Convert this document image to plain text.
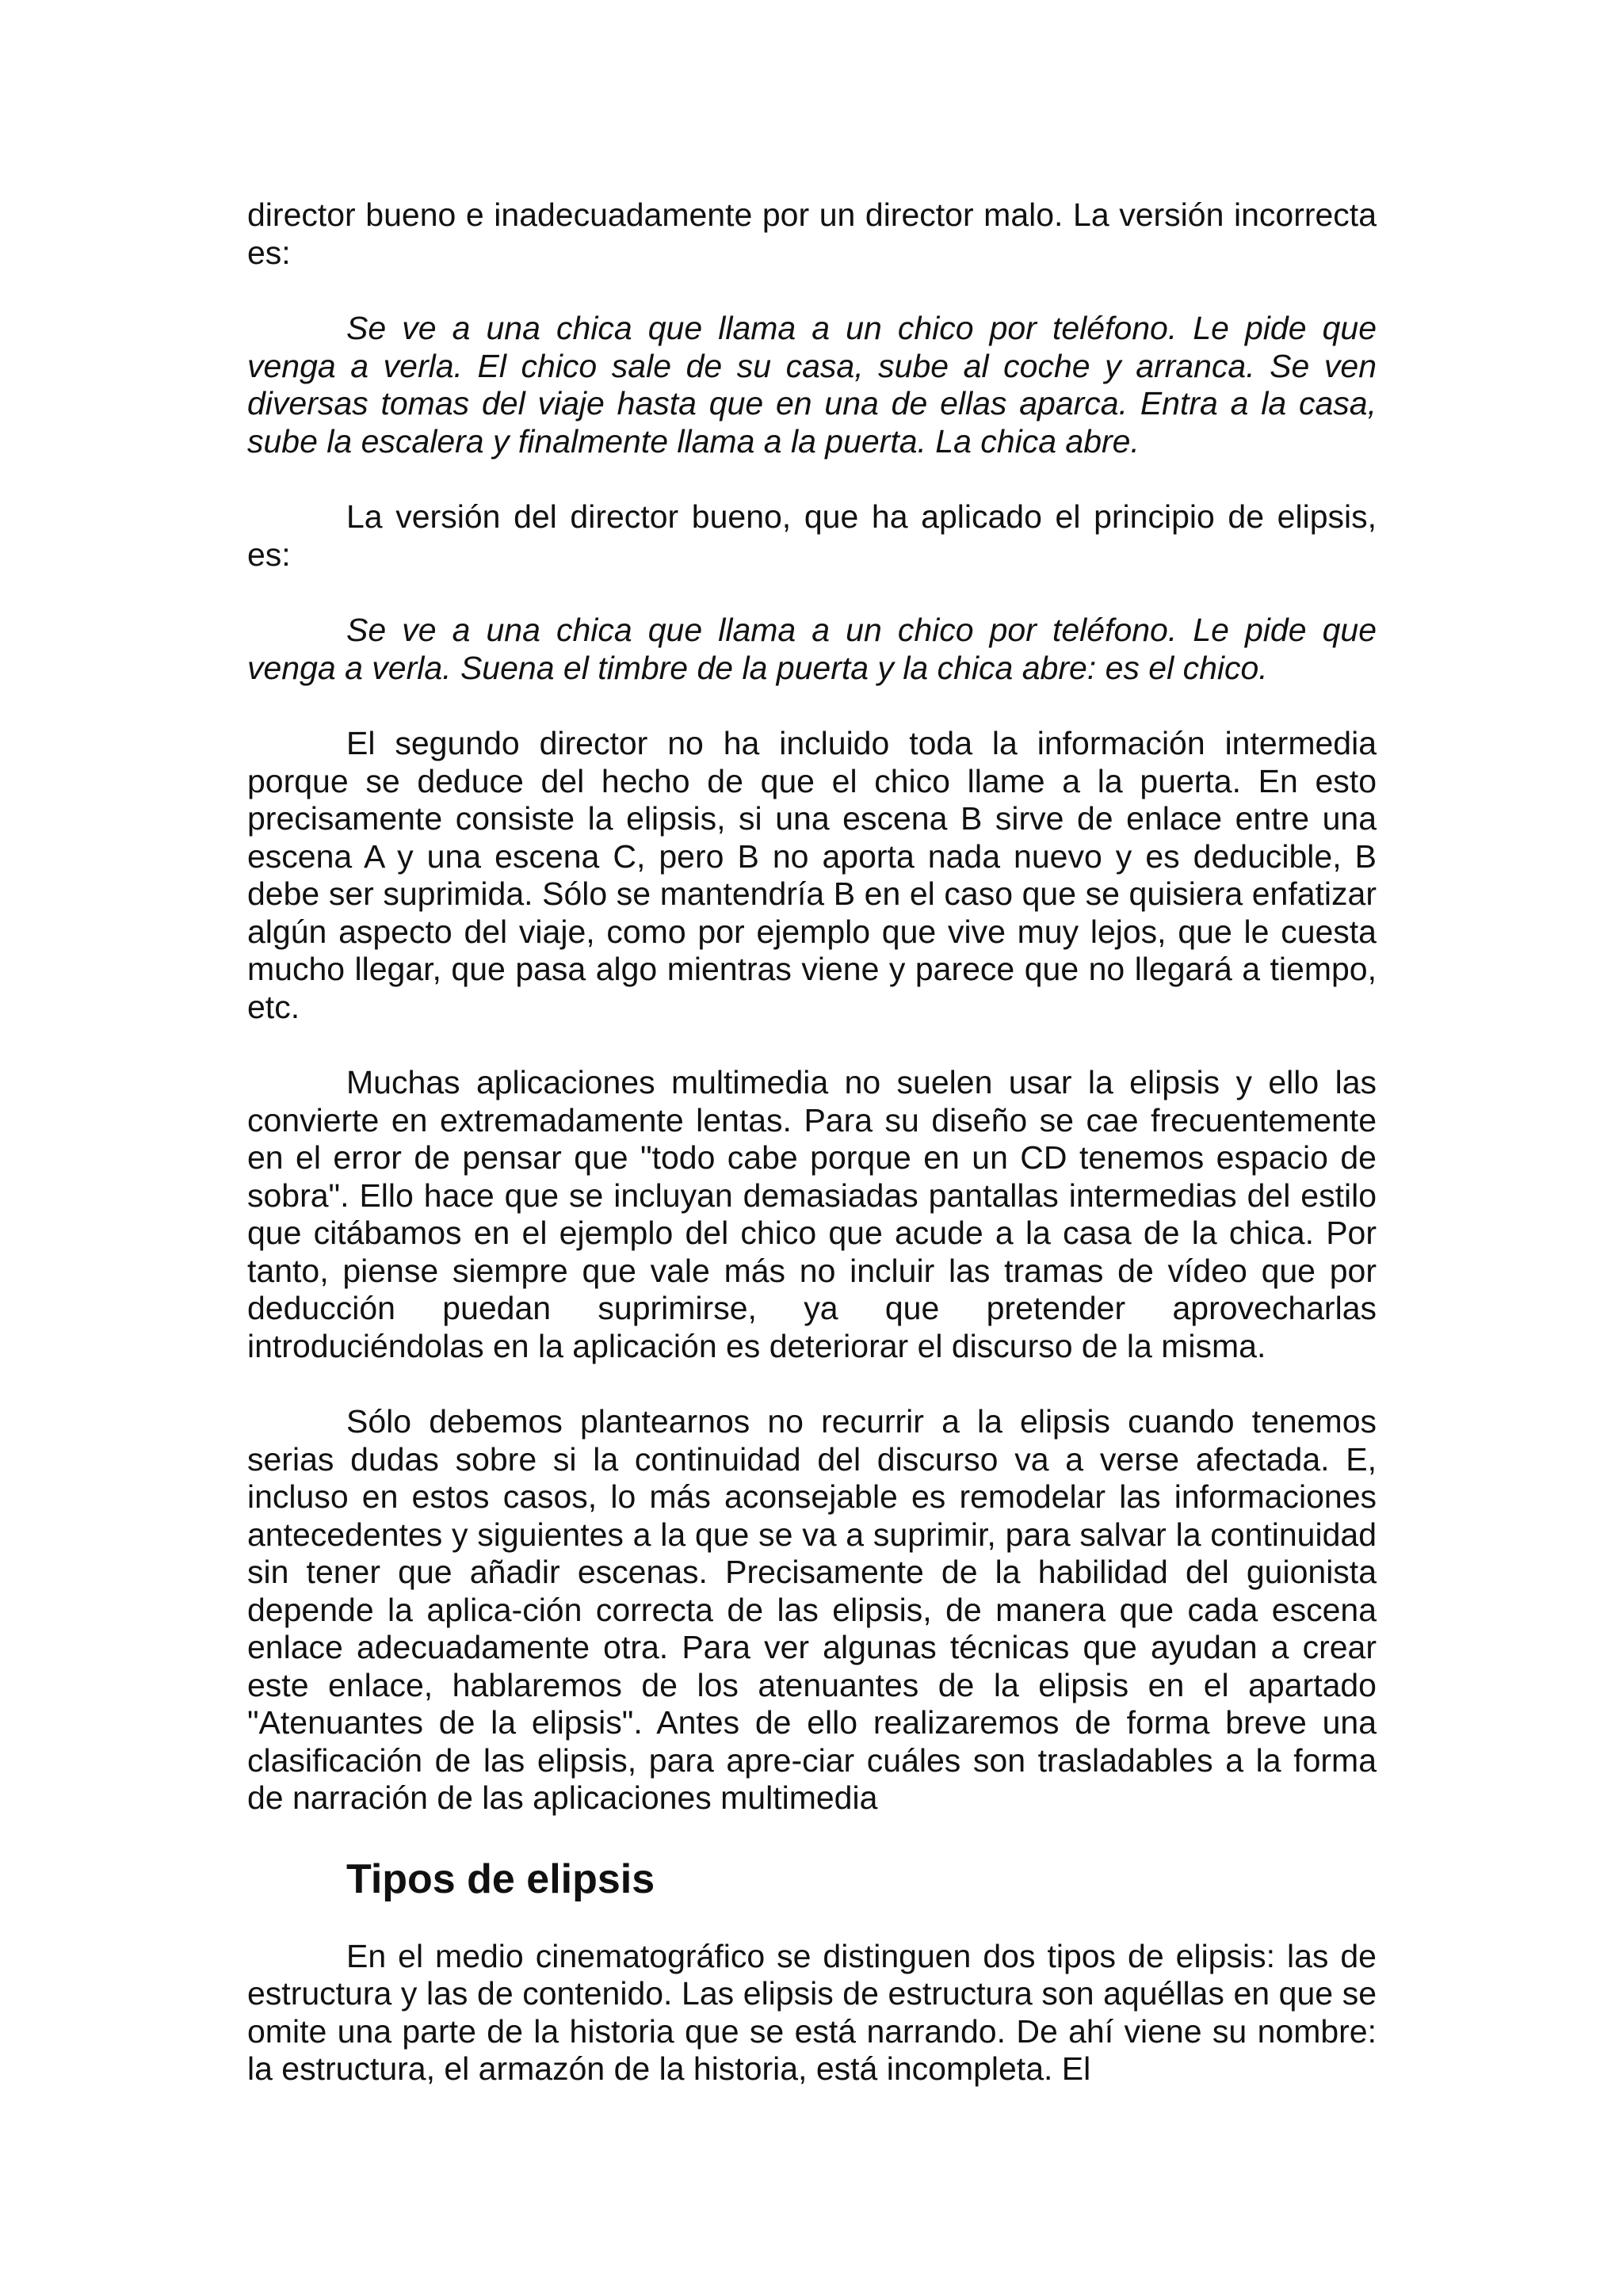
director bueno e inadecuadamente por un director malo. La versión incorrecta es:

Se ve a una chica que llama a un chico por teléfono. Le pide que venga a verla. El chico sale de su casa, sube al coche y arranca. Se ven diversas tomas del viaje hasta que en una de ellas aparca. Entra a la casa, sube la escalera y finalmente llama a la puerta. La chica abre.

La versión del director bueno, que ha aplicado el principio de elipsis, es:

Se ve a una chica que llama a un chico por teléfono. Le pide que venga a verla. Suena el timbre de la puerta y la chica abre: es el chico.

El segundo director no ha incluido toda la información intermedia porque se deduce del hecho de que el chico llame a la puerta. En esto precisamente consiste la elipsis, si una escena B sirve de enlace entre una escena A y una escena C, pero B no aporta nada nuevo y es deducible, B debe ser suprimida. Sólo se mantendría B en el caso que se quisiera enfatizar algún aspecto del viaje, como por ejemplo que vive muy lejos, que le cuesta mucho llegar, que pasa algo mientras viene y parece que no llegará a tiempo, etc.

Muchas aplicaciones multimedia no suelen usar la elipsis y ello las convierte en extremadamente lentas. Para su diseño se cae frecuentemente en el error de pensar que "todo cabe porque en un CD tenemos espacio de sobra". Ello hace que se incluyan demasiadas pantallas intermedias del estilo que citábamos en el ejemplo del chico que acude a la casa de la chica. Por tanto, piense siempre que vale más no incluir las tramas de vídeo que por deducción puedan suprimirse, ya que pretender aprovecharlas introduciéndolas en la aplicación es deteriorar el discurso de la misma.

Sólo debemos plantearnos no recurrir a la elipsis cuando tenemos serias dudas sobre si la continuidad del discurso va a verse afectada. E, incluso en estos casos, lo más aconsejable es remodelar las informaciones antecedentes y siguientes a la que se va a suprimir, para salvar la continuidad sin tener que añadir escenas. Precisamente de la habilidad del guionista depende la aplica-ción correcta de las elipsis, de manera que cada escena enlace adecuadamente otra. Para ver algunas técnicas que ayudan a crear este enlace, hablaremos de los atenuantes de la elipsis en el apartado "Atenuantes de la elipsis". Antes de ello realizaremos de forma breve una clasificación de las elipsis, para apre-ciar cuáles son trasladables a la forma de narración de las aplicaciones multimedia

Tipos de elipsis

En el medio cinematográfico se distinguen dos tipos de elipsis: las de estructura y las de contenido. Las elipsis de estructura son aquéllas en que se omite una parte de la historia que se está narrando. De ahí viene su nombre: la estructura, el armazón de la historia, está incompleta. El
